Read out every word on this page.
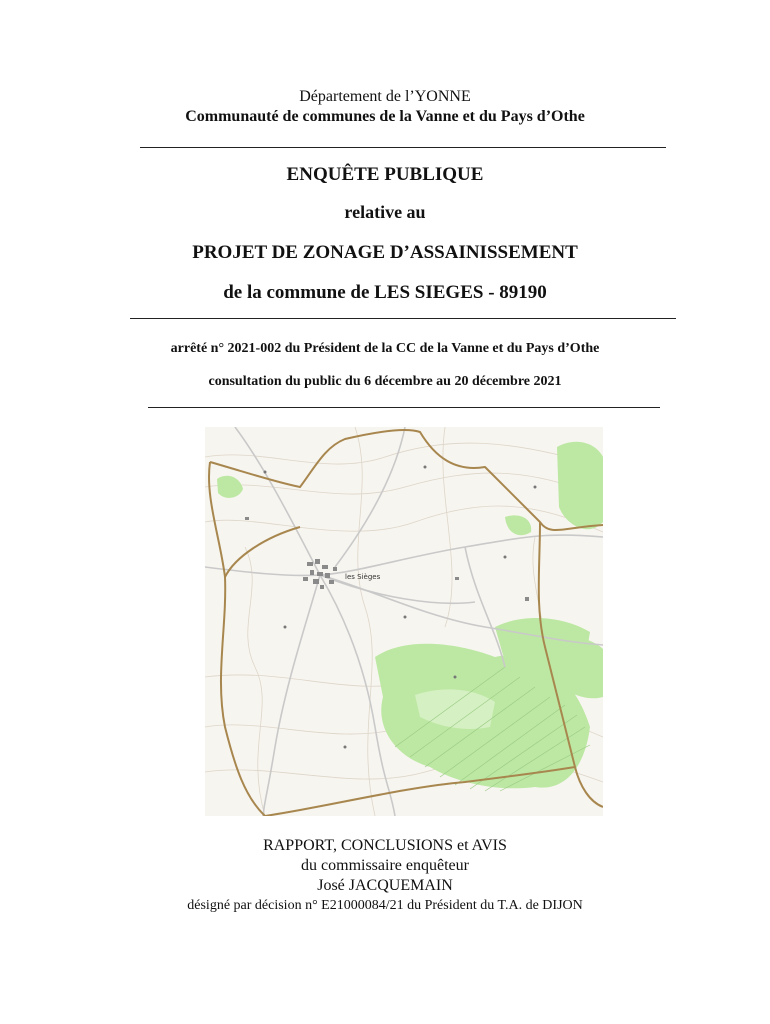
Département de l’YONNE
Communauté de communes de la Vanne et du Pays d’Othe
ENQUÊTE PUBLIQUE
relative au
PROJET DE ZONAGE D’ASSAINISSEMENT
de la commune de LES SIEGES - 89190
arrêté n° 2021-002 du Président de la CC de la Vanne et du Pays d’Othe
consultation du public du 6 décembre au 20 décembre 2021
les Sièges
RAPPORT, CONCLUSIONS et AVIS
du commissaire enquêteur
José JACQUEMAIN
désigné par décision n° E21000084/21 du Président du T.A. de DIJON
